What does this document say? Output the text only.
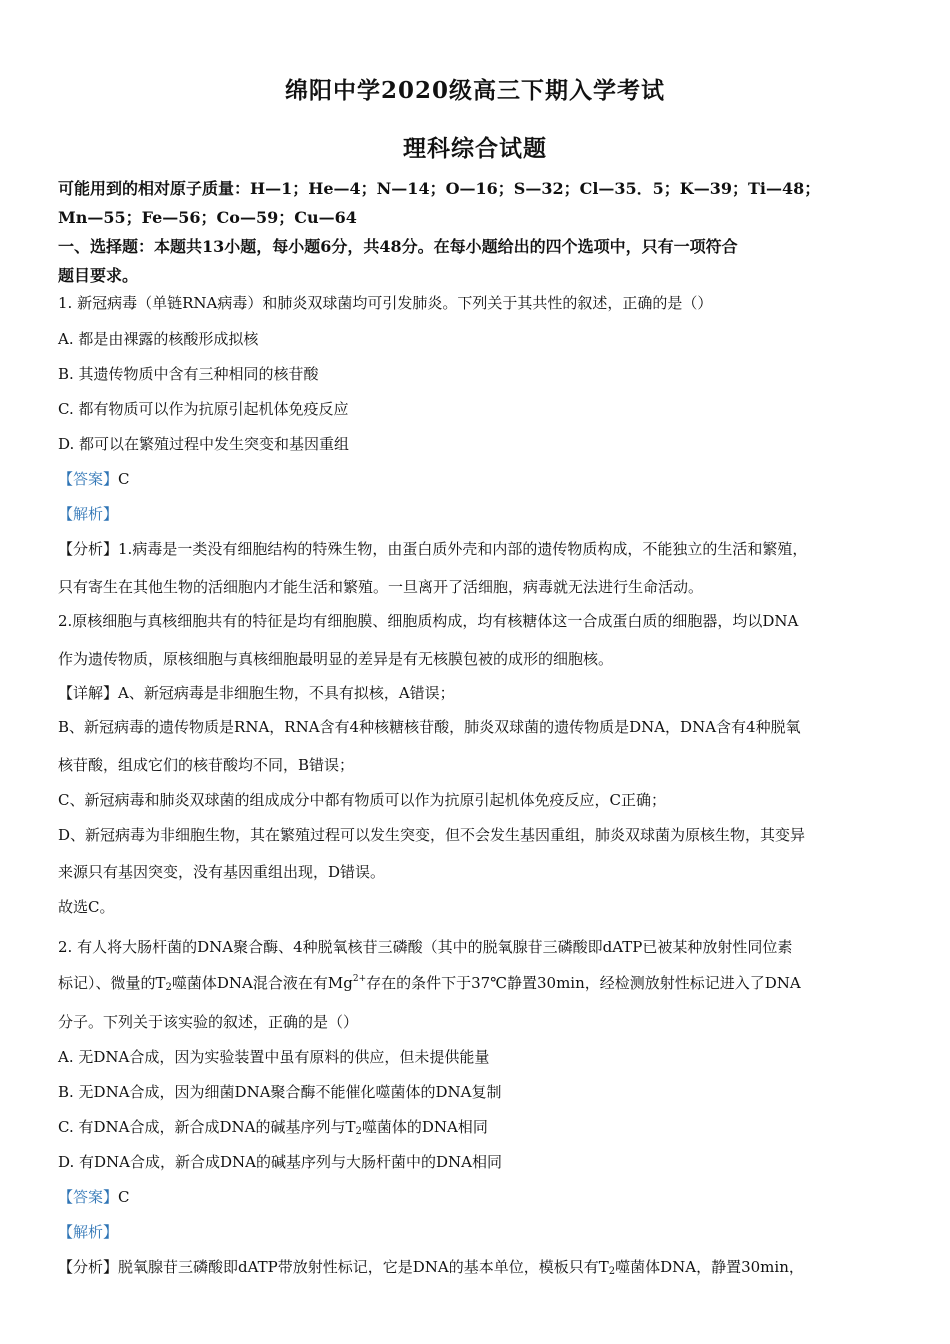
绵阳中学2020级高三下期入学考试
理科综合试题
可能用到的相对原子质量：H—1；He—4；N—14；O—16；S—32；Cl—35．5；K—39；Ti—48；
Mn—55；Fe—56；Co—59；Cu—64
一、选择题：本题共13小题，每小题6分，共48分。在每小题给出的四个选项中，只有一项符合
题目要求。
1. 新冠病毒（单链RNA病毒）和肺炎双球菌均可引发肺炎。下列关于其共性的叙述，正确的是（）
A. 都是由裸露的核酸形成拟核
B. 其遗传物质中含有三种相同的核苷酸
C. 都有物质可以作为抗原引起机体免疫反应
D. 都可以在繁殖过程中发生突变和基因重组
【答案】C
【解析】
【分析】1.病毒是一类没有细胞结构的特殊生物，由蛋白质外壳和内部的遗传物质构成，不能独立的生活和繁殖，
只有寄生在其他生物的活细胞内才能生活和繁殖。一旦离开了活细胞，病毒就无法进行生命活动。
2.原核细胞与真核细胞共有的特征是均有细胞膜、细胞质构成，均有核糖体这一合成蛋白质的细胞器，均以DNA
作为遗传物质，原核细胞与真核细胞最明显的差异是有无核膜包被的成形的细胞核。
【详解】A、新冠病毒是非细胞生物，不具有拟核，A错误；
B、新冠病毒的遗传物质是RNA，RNA含有4种核糖核苷酸，肺炎双球菌的遗传物质是DNA，DNA含有4种脱氧
核苷酸，组成它们的核苷酸均不同，B错误；
C、新冠病毒和肺炎双球菌的组成成分中都有物质可以作为抗原引起机体免疫反应，C正确；
D、新冠病毒为非细胞生物，其在繁殖过程可以发生突变，但不会发生基因重组，肺炎双球菌为原核生物，其变异
来源只有基因突变，没有基因重组出现，D错误。
故选C。
2. 有人将大肠杆菌的DNA聚合酶、4种脱氧核苷三磷酸（其中的脱氧腺苷三磷酸即dATP已被某种放射性同位素
标记）、微量的$T_2$噬菌体DNA混合液在有$Mg^{2+}$存在的条件下于37℃静置30min，经检测放射性标记进入了DNA
分子。下列关于该实验的叙述，正确的是（）
A. 无DNA合成，因为实验装置中虽有原料的供应，但未提供能量
B. 无DNA合成，因为细菌DNA聚合酶不能催化噬菌体的DNA复制
C. 有DNA合成，新合成DNA的碱基序列与$T_2$噬菌体的DNA相同
D. 有DNA合成，新合成DNA的碱基序列与大肠杆菌中的DNA相同
【答案】C
【解析】
【分析】脱氧腺苷三磷酸即dATP带放射性标记，它是DNA的基本单位，模板只有$T_2$噬菌体DNA，静置30min，
